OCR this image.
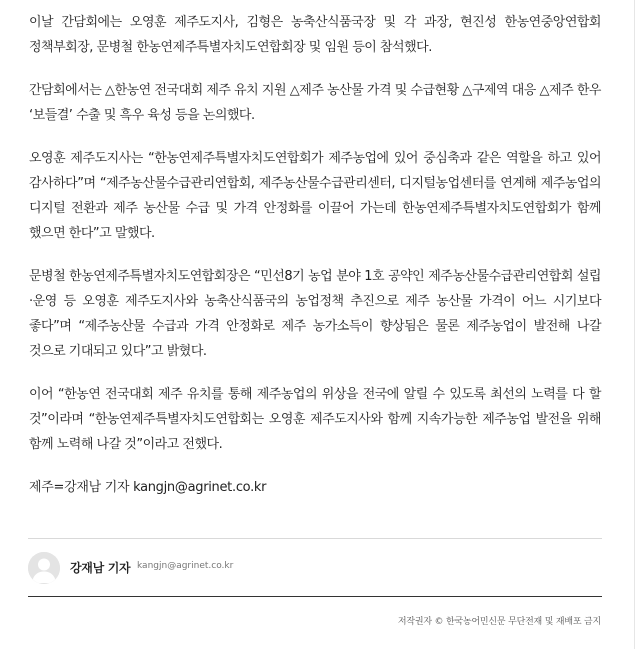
이날 간담회에는 오영훈 제주도지사, 김형은 농축산식품국장 및 각 과장, 현진성 한농연중앙연합회 정책부회장, 문병철 한농연제주특별자치도연합회장 및 임원 등이 참석했다.

간담회에서는 △한농연 전국대회 제주 유치 지원 △제주 농산물 가격 및 수급현황 △구제역 대응 △제주 한우 ‘보들결’ 수출 및 흑우 육성 등을 논의했다.

오영훈 제주도지사는 “한농연제주특별자치도연합회가 제주농업에 있어 중심축과 같은 역할을 하고 있어 감사하다”며 “제주농산물수급관리연합회, 제주농산물수급관리센터, 디지털농업센터를 연계해 제주농업의 디지털 전환과 제주 농산물 수급 및 가격 안정화를 이끌어 가는데 한농연제주특별자치도연합회가 함께 했으면 한다”고 말했다.

문병철 한농연제주특별자치도연합회장은 “민선8기 농업 분야 1호 공약인 제주농산물수급관리연합회 설립·운영 등 오영훈 제주도지사와 농축산식품국의 농업정책 추진으로 제주 농산물 가격이 어느 시기보다 좋다”며 “제주농산물 수급과 가격 안정화로 제주 농가소득이 향상됨은 물론 제주농업이 발전해 나갈 것으로 기대되고 있다”고 밝혔다.

이어 “한농연 전국대회 제주 유치를 통해 제주농업의 위상을 전국에 알릴 수 있도록 최선의 노력를 다 할 것”이라며 “한농연제주특별자치도연합회는 오영훈 제주도지사와 함께 지속가능한 제주농업 발전을 위해 함께 노력해 나갈 것”이라고 전했다.

제주=강재남 기자 kangjn@agrinet.co.kr
강재남 기자 kangjn@agrinet.co.kr
저작권자 © 한국농어민신문 무단전재 및 재배포 금지
